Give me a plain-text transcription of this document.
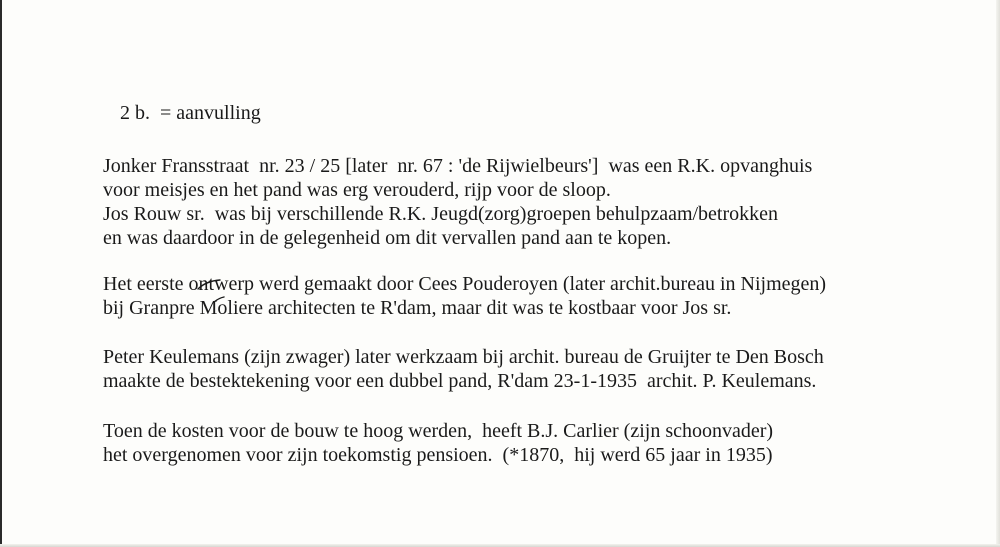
2 b.  = aanvulling

Jonker Fransstraat  nr. 23 / 25 [later  nr. 67 : 'de Rijwielbeurs']  was een R.K. opvanghuis
voor meisjes en het pand was erg verouderd, rijp voor de sloop.
Jos Rouw sr.  was bij verschillende R.K. Jeugd(zorg)groepen behulpzaam/betrokken
en was daardoor in de gelegenheid om dit vervallen pand aan te kopen.

Het eerste ontwerp werd gemaakt door Cees Pouderoyen (later archit.bureau in Nijmegen)
bij Granpre Moliere architecten te R'dam, maar dit was te kostbaar voor Jos sr.

Peter Keulemans (zijn zwager) later werkzaam bij archit. bureau de Gruijter te Den Bosch
maakte de bestektekening voor een dubbel pand, R'dam 23-1-1935  archit. P. Keulemans.

Toen de kosten voor de bouw te hoog werden,  heeft B.J. Carlier (zijn schoonvader)
het overgenomen voor zijn toekomstig pensioen.  (*1870,  hij werd 65 jaar in 1935)
